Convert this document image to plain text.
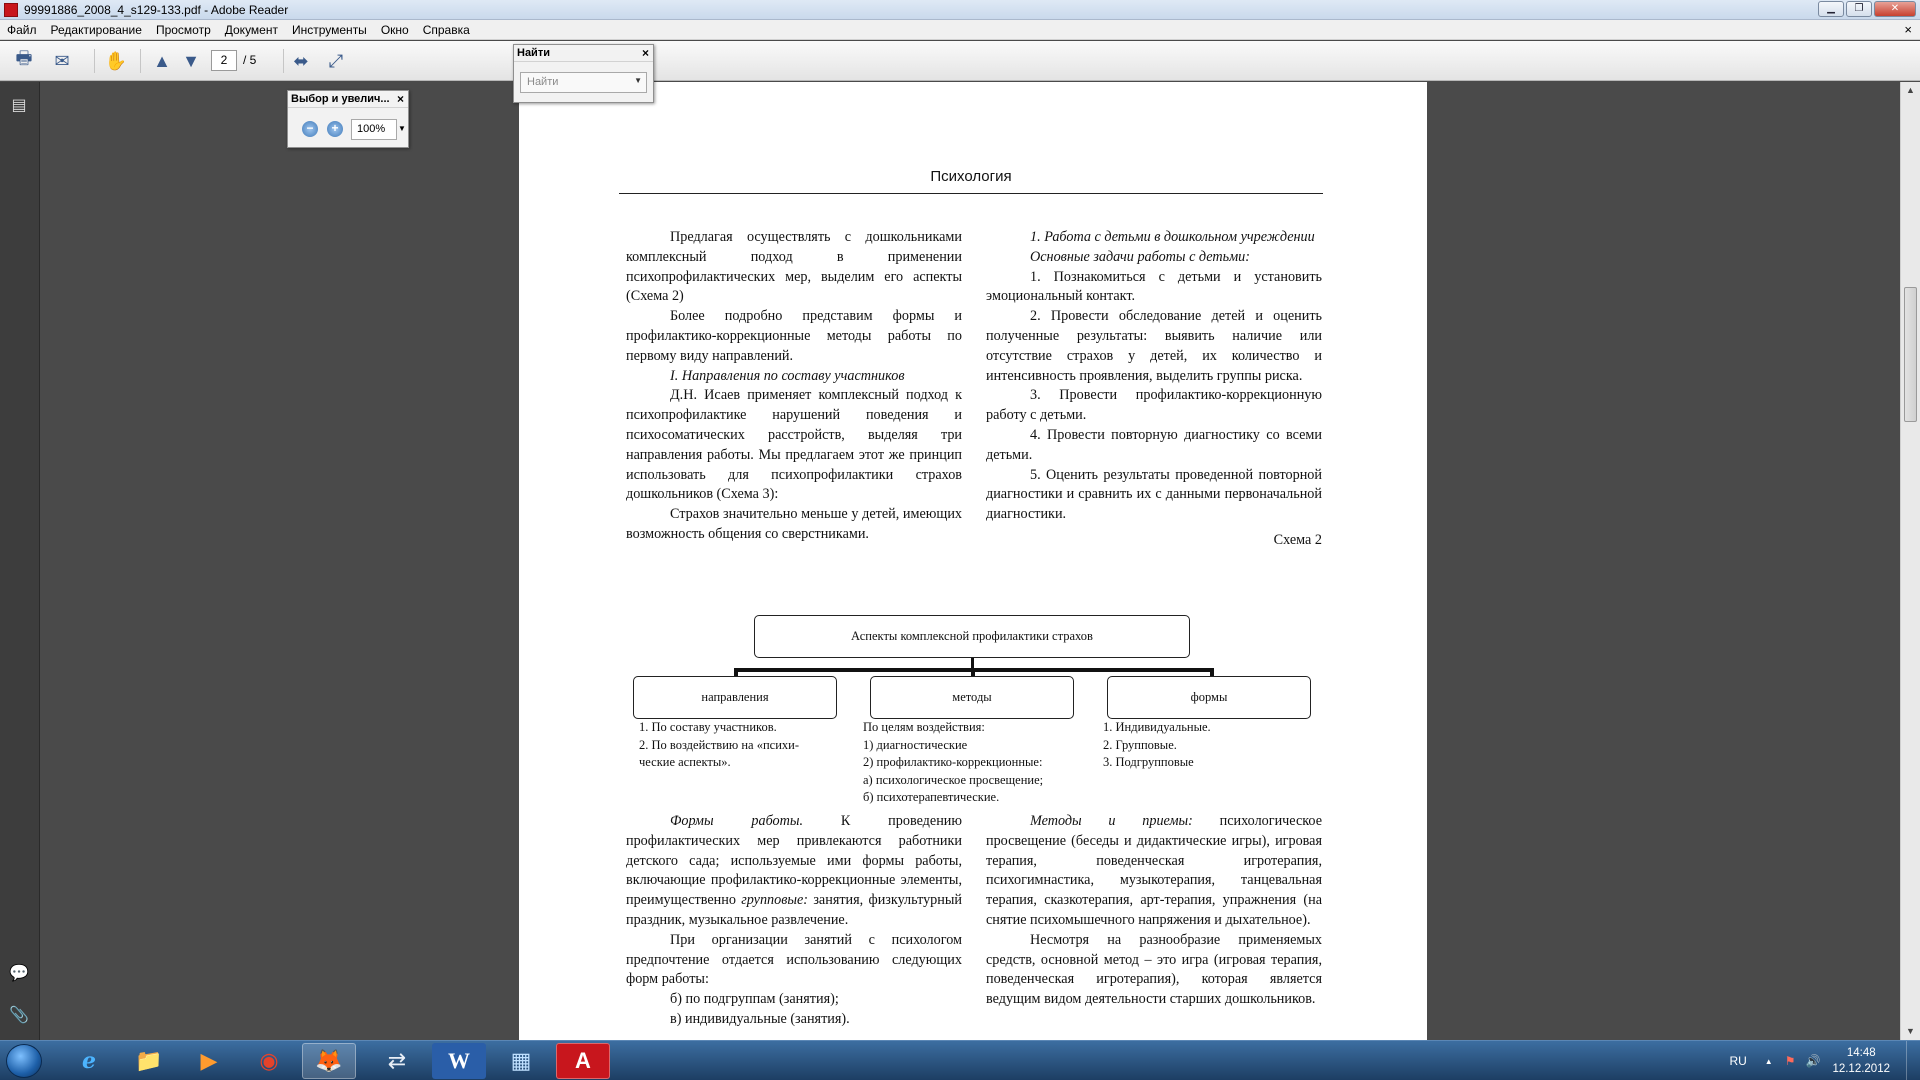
99991886_2008_4_s129-133.pdf - Adobe Reader	▁	❐	✕
Файл	Редактирование	Просмотр	Документ	Инструменты	Окно	Справка	×
🖶 ✉ ✋ ▲ ▼	2	/ 5 ⬌ ⤢
▤
💬
📎
Психология

Предлагая осуществлять с дошкольниками комплексный подход в применении психопрофилактических мер, выделим его аспекты (Схема 2)

Более подробно представим формы и профилактико-коррекционные методы работы по первому виду направлений.

I. Направления по составу участников

Д.Н. Исаев применяет комплексный подход к психопрофилактике нарушений поведения и психосоматических расстройств, выделяя три направления работы. Мы предлагаем этот же принцип использовать для психопрофилактики страхов дошкольников (Схема 3):

Страхов значительно меньше у детей, имеющих возможность общения со сверстниками.

1. Работа с детьми в дошкольном учреждении

Основные задачи работы с детьми:

1. Познакомиться с детьми и установить эмоциональный контакт.

2. Провести обследование детей и оценить полученные результаты: выявить наличие или отсутствие страхов у детей, их количество и интенсивность проявления, выделить группы риска.

3. Провести профилактико-коррекционную работу с детьми.

4. Провести повторную диагностику со всеми детьми.

5. Оценить результаты проведенной повторной диагностики и сравнить их с данными первоначальной диагностики.

Схема 2

Аспекты комплексной профилактики страхов
направления	методы	формы
1. По составу участников.
2. По воздействию на «психи-
ческие аспекты».
По целям воздействия:
1) диагностические
2) профилактико-коррекционные:
а) психологическое просвещение;
б) психотерапевтические.
1. Индивидуальные.
2. Групповые.
3. Подгрупповые

Формы работы. К проведению профилактических мер привлекаются работники детского сада; используемые ими формы работы, включающие профилактико-коррекционные элементы, преимущественно групповые: занятия, физкультурный праздник, музыкальное развлечение.

При организации занятий с психологом предпочтение отдается использованию следующих форм работы:

б) по подгруппам (занятия);

в) индивидуальные (занятия).

Методы и приемы: психологическое просвещение (беседы и дидактические игры), игровая терапия, поведенческая игротерапия, психогимнастика, музыкотерапия, танцевальная терапия, сказкотерапия, арт-терапия, упражнения (на снятие психомышечного напряжения и дыхательное).

Несмотря на разнообразие применяемых средств, основной метод – это игра (игровая терапия, поведенческая игротерапия), которая является ведущим видом деятельности старших дошкольников.

▲
▼
Найти	×
Найти	▼
Выбор и увелич... ×
−	+	100%	▼
e	📁	▶	◉	🦊	⇄	W	▦	A	RU ▲ ⚑ 🔊
14:48
12.12.2012
